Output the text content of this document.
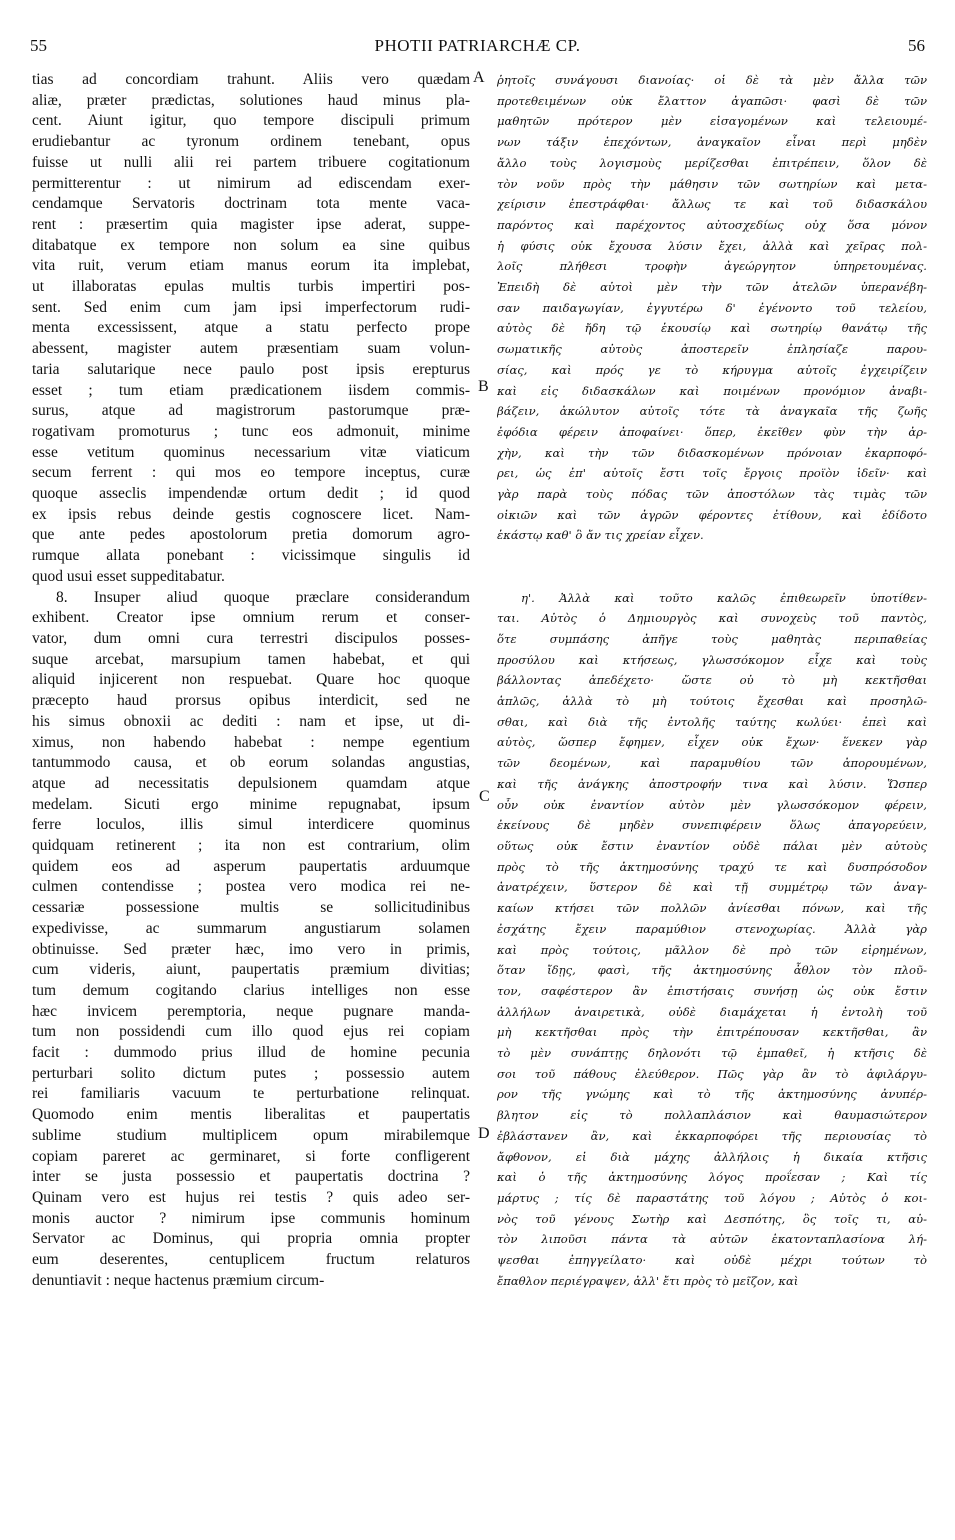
55	PHOTII PATRIARCHÆ CP.	56
tias ad concordiam trahunt. Aliis vero quædam
aliæ, præter prædictas, solutiones haud minus pla-
cent. Aiunt igitur, quo tempore discipuli primum
erudiebantur ac tyronum ordinem tenebant, opus
fuisse ut nulli alii rei partem tribuere cogitationum
permitterentur : ut nimirum ad ediscendam exer-
cendamque Servatoris doctrinam tota mente vaca-
rent : præsertim quia magister ipse aderat, suppe-
ditabatque ex tempore non solum ea sine quibus
vita ruit, verum etiam manus eorum ita implebat,
ut illaboratas epulas multis turbis impertiri pos-
sent. Sed enim cum jam ipsi imperfectorum rudi-
menta excessissent, atque a statu perfecto prope
abessent, magister autem præsentiam suam volun-
taria salutarique nece paulo post ipsis erepturus
esset ; tum etiam prædicationem iisdem commis-
surus, atque ad magistrorum pastorumque præ-
rogativam promoturus ; tunc eos admonuit, minime
esse vetitum quominus necessarium vitæ viaticum
secum ferrent : qui mos eo tempore inceptus, curæ
quoque asseclis impendendæ ortum dedit ; id quod
ex ipsis rebus deinde gestis cognoscere licet. Nam-
que ante pedes apostolorum pretia domorum agro-
rumque allata ponebant : vicissimque singulis id
quod usui esset suppeditabatur.
8. Insuper aliud quoque præclare considerandum
exhibent. Creator ipse omnium rerum et conser-
vator, dum omni cura terrestri discipulos posses-
suque arcebat, marsupium tamen habebat, et qui
aliquid injicerent non respuebat. Quare hoc quoque
præcepto haud prorsus opibus interdicit, sed ne
his simus obnoxii ac dediti : nam et ipse, ut di-
ximus, non habendo habebat : nempe egentium
tantummodo causa, et ob eorum solandas angustias,
atque ad necessitatis depulsionem quamdam atque
medelam. Sicuti ergo minime repugnabat, ipsum
ferre loculos, illis simul interdicere quominus
quidquam retinerent ; ita non est contrarium, olim
quidem eos ad asperum paupertatis arduumque
culmen contendisse ; postea vero modica rei ne-
cessariæ possessione multis se sollicitudinibus
expedivisse, ac summarum angustiarum solamen
obtinuisse. Sed præter hæc, imo vero in primis,
cum videris, aiunt, paupertatis præmium divitias;
tum demum cogitando clarius intelliges non esse
hæc invicem peremptoria, neque pugnare manda-
tum non possidendi cum illo quod ejus rei copiam
facit : dummodo prius illud de homine pecunia
perturbari solito dictum putes ; possessio autem
rei familiaris vacuum te perturbatione relinquat.
Quomodo enim mentis liberalitas et paupertatis
sublime studium multiplicem opum mirabilemque
copiam pareret ac germinaret, si forte confligerent
inter se justa possessio et paupertatis doctrina ?
Quinam vero est hujus rei testis ? quis adeo ser-
monis auctor ? nimirum ipse communis hominum
Servator ac Dominus, qui propria omnia propter
eum deserentes, centuplicem fructum relaturos
denuntiavit : neque hactenus præmium circum-
ῥητοῖς συνάγουσι διανοίας· οἱ δὲ τὰ μὲν ἄλλα τῶν
προτεθειμένων οὐκ ἔλαττον ἀγαπῶσι· φασὶ δὲ τῶν
μαθητῶν πρότερον μὲν εἰσαγομένων καὶ τελειουμέ-
νων τάξιν ἐπεχόντων, ἀναγκαῖον εἶναι περὶ μηδὲν
ἄλλο τοὺς λογισμοὺς μερίζεσθαι ἐπιτρέπειν, ὅλον δὲ
τὸν νοῦν πρὸς τὴν μάθησιν τῶν σωτηρίων καὶ μετα-
χείρισιν ἐπεστράφθαι· ἄλλως τε καὶ τοῦ διδασκάλου
παρόντος καὶ παρέχοντος αὐτοσχεδίως οὐχ ὅσα μόνον
ἡ φύσις οὐκ ἔχουσα λύσιν ἔχει, ἀλλὰ καὶ χεῖρας πολ-
λοῖς πλήθεσι τροφὴν ἀγεώργητον ὑπηρετουμένας.
Ἐπειδὴ δὲ αὐτοὶ μὲν τὴν τῶν ἀτελῶν ὑπερανέβη-
σαν παιδαγωγίαν, ἐγγυτέρω δ' ἐγένοντο τοῦ τελείου,
αὐτὸς δὲ ἤδη τῷ ἑκουσίῳ καὶ σωτηρίῳ θανάτῳ τῆς
σωματικῆς αὐτοὺς ἀποστερεῖν ἐπλησίαζε παρου-
σίας, καὶ πρός γε τὸ κήρυγμα αὐτοῖς ἐγχειρίζειν
καὶ εἰς διδασκάλων καὶ ποιμένων προνόμιον ἀναβι-
βάζειν, ἀκώλυτον αὐτοῖς τότε τὰ ἀναγκαῖα τῆς ζωῆς
ἐφόδια φέρειν ἀποφαίνει· ὅπερ, ἐκεῖθεν φὺν τὴν ἀρ-
χὴν, καὶ τὴν τῶν διδασκομένων πρόνοιαν ἐκαρποφό-
ρει, ὡς ἐπ' αὐτοῖς ἔστι τοῖς ἔργοις προϊὸν ἰδεῖν· καὶ
γὰρ παρὰ τοὺς πόδας τῶν ἀποστόλων τὰς τιμὰς τῶν
οἰκιῶν καὶ τῶν ἀγρῶν φέροντες ἐτίθουν, καὶ ἐδίδοτο
ἑκάστῳ καθ' ὃ ἄν τις χρείαν εἶχεν.
η'. Ἀλλὰ καὶ τοῦτο καλῶς ἐπιθεωρεῖν ὑποτίθεν-
ται. Αὐτὸς ὁ Δημιουργὸς καὶ συνοχεὺς τοῦ παντὸς,
ὅτε συμπάσης ἀπῆγε τοὺς μαθητὰς περιπαθείας
προσύλου καὶ κτήσεως, γλωσσόκομον εἶχε καὶ τοὺς
βάλλοντας ἀπεδέχετο· ὥστε οὐ τὸ μὴ κεκτῆσθαι
ἁπλῶς, ἀλλὰ τὸ μὴ τούτοις ἔχεσθαι καὶ προσηλῶ-
σθαι, καὶ διὰ τῆς ἐντολῆς ταύτης κωλύει· ἐπεὶ καὶ
αὐτὸς, ὥσπερ ἔφημεν, εἶχεν οὐκ ἔχων· ἕνεκεν γὰρ
τῶν δεομένων, καὶ παραμυθίου τῶν ἀπορουμένων,
καὶ τῆς ἀνάγκης ἀποστροφήν τινα καὶ λύσιν. Ὥσπερ
οὖν οὐκ ἐναντίον αὐτὸν μὲν γλωσσόκομον φέρειν,
ἐκείνους δὲ μηδὲν συνεπιφέρειν ὅλως ἀπαγορεύειν,
οὕτως οὐκ ἔστιν ἐναντίον οὐδὲ πάλαι μὲν αὐτοὺς
πρὸς τὸ τῆς ἀκτημοσύνης τραχύ τε καὶ δυσπρόσοδον
ἀνατρέχειν, ὕστερον δὲ καὶ τῇ συμμέτρῳ τῶν ἀναγ-
καίων κτήσει τῶν πολλῶν ἀνίεσθαι πόνων, καὶ τῆς
ἐσχάτης ἔχειν παραμύθιον στενοχωρίας. Ἀλλὰ γὰρ
καὶ πρὸς τούτοις, μᾶλλον δὲ πρὸ τῶν εἰρημένων,
ὅταν ἴδῃς, φασὶ, τῆς ἀκτημοσύνης ἆθλον τὸν πλοῦ-
τον, σαφέστερον ἂν ἐπιστήσαις συνήσῃ ὡς οὐκ ἔστιν
ἀλλήλων ἀναιρετικὰ, οὐδὲ διαμάχεται ἡ ἐντολὴ τοῦ
μὴ κεκτῆσθαι πρὸς τὴν ἐπιτρέπουσαν κεκτῆσθαι, ἂν
τὸ μὲν συνάπτῃς δηλονότι τῷ ἐμπαθεῖ, ἡ κτῆσις δὲ
σοι τοῦ πάθους ἐλεύθερον. Πῶς γὰρ ἂν τὸ ἀφιλάργυ-
ρον τῆς γνώμης καὶ τὸ τῆς ἀκτημοσύνης ἀνυπέρ-
βλητον εἰς τὸ πολλαπλάσιον καὶ θαυμασιώτερον
ἐβλάστανεν ἂν, καὶ ἐκκαρποφόρει τῆς περιουσίας τὸ
ἄφθονον, εἰ διὰ μάχης ἀλλήλοις ἡ δικαία κτῆσις
καὶ ὁ τῆς ἀκτημοσύνης λόγος προΐεσαν ; Καὶ τίς
μάρτυς ; τίς δὲ παραστάτης τοῦ λόγου ; Αὐτὸς ὁ κοι-
νὸς τοῦ γένους Σωτὴρ καὶ Δεσπότης, ὃς τοῖς τι, αὐ-
τὸν λιποῦσι πάντα τὰ αὐτῶν ἑκατονταπλασίονα λή-
ψεσθαι ἐπηγγείλατο· καὶ οὐδὲ μέχρι τούτων τὸ
ἔπαθλον περιέγραψεν, ἀλλ' ἔτι πρὸς τὸ μεῖζον, καὶ
A
B
C
D
